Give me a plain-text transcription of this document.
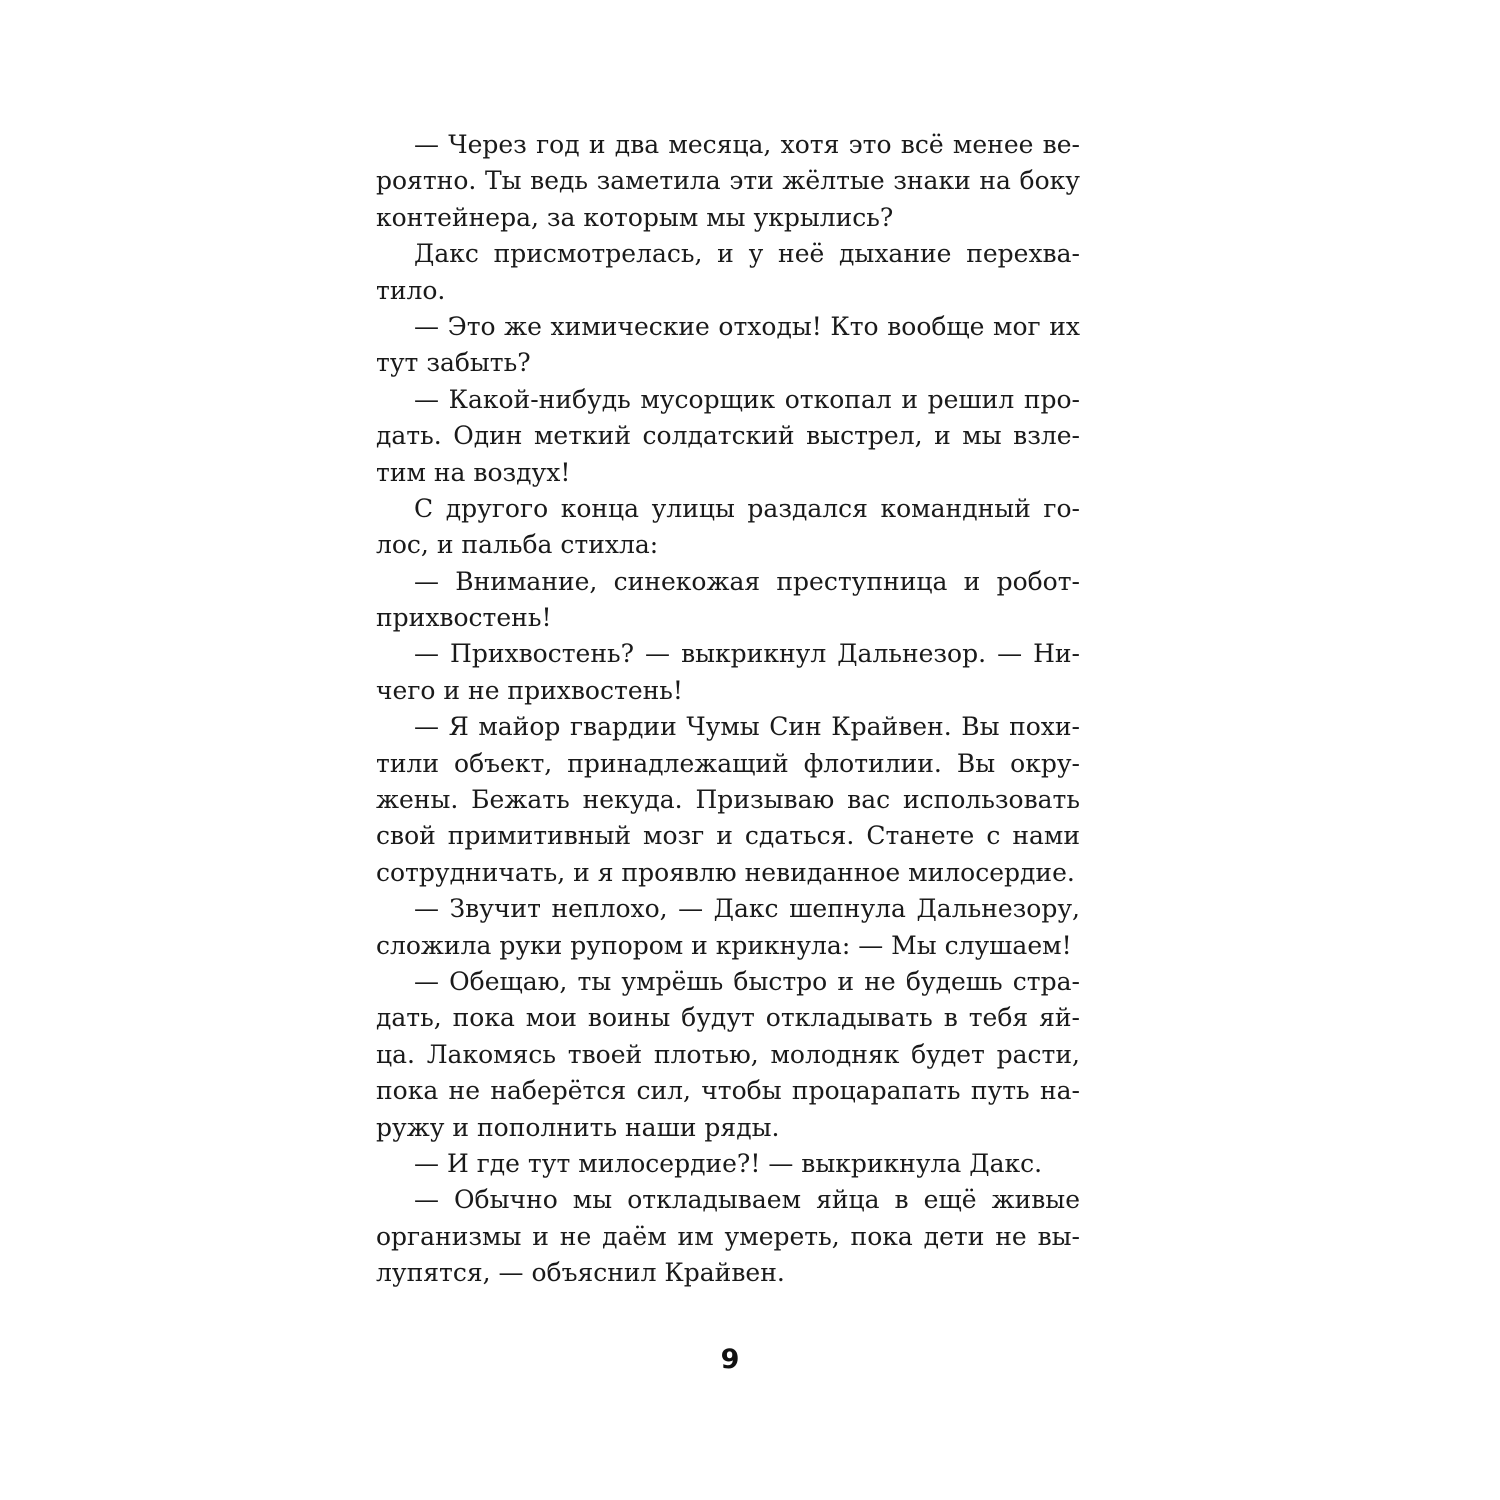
— Через год и два месяца, хотя это всё менее ве-
роятно. Ты ведь заметила эти жёлтые знаки на боку
контейнера, за которым мы укрылись?
Дакс присмотрелась, и у неё дыхание перехва-
тило.
— Это же химические отходы! Кто вообще мог их
тут забыть?
— Какой-нибудь мусорщик откопал и решил про-
дать. Один меткий солдатский выстрел, и мы взле-
тим на воздух!
С другого конца улицы раздался командный го-
лос, и пальба стихла:
— Внимание, синекожая преступница и робот-
прихвостень!
— Прихвостень? — выкрикнул Дальнезор. — Ни-
чего и не прихвостень!
— Я майор гвардии Чумы Син Крайвен. Вы похи-
тили объект, принадлежащий флотилии. Вы окру-
жены. Бежать некуда. Призываю вас использовать
свой примитивный мозг и сдаться. Станете с нами
сотрудничать, и я проявлю невиданное милосердие.
— Звучит неплохо, — Дакс шепнула Дальнезору,
сложила руки рупором и крикнула: — Мы слушаем!
— Обещаю, ты умрёшь быстро и не будешь стра-
дать, пока мои воины будут откладывать в тебя яй-
ца. Лакомясь твоей плотью, молодняк будет расти,
пока не наберётся сил, чтобы процарапать путь на-
ружу и пополнить наши ряды.
— И где тут милосердие?! — выкрикнула Дакс.
— Обычно мы откладываем яйца в ещё живые
организмы и не даём им умереть, пока дети не вы-
лупятся, — объяснил Крайвен.
9
